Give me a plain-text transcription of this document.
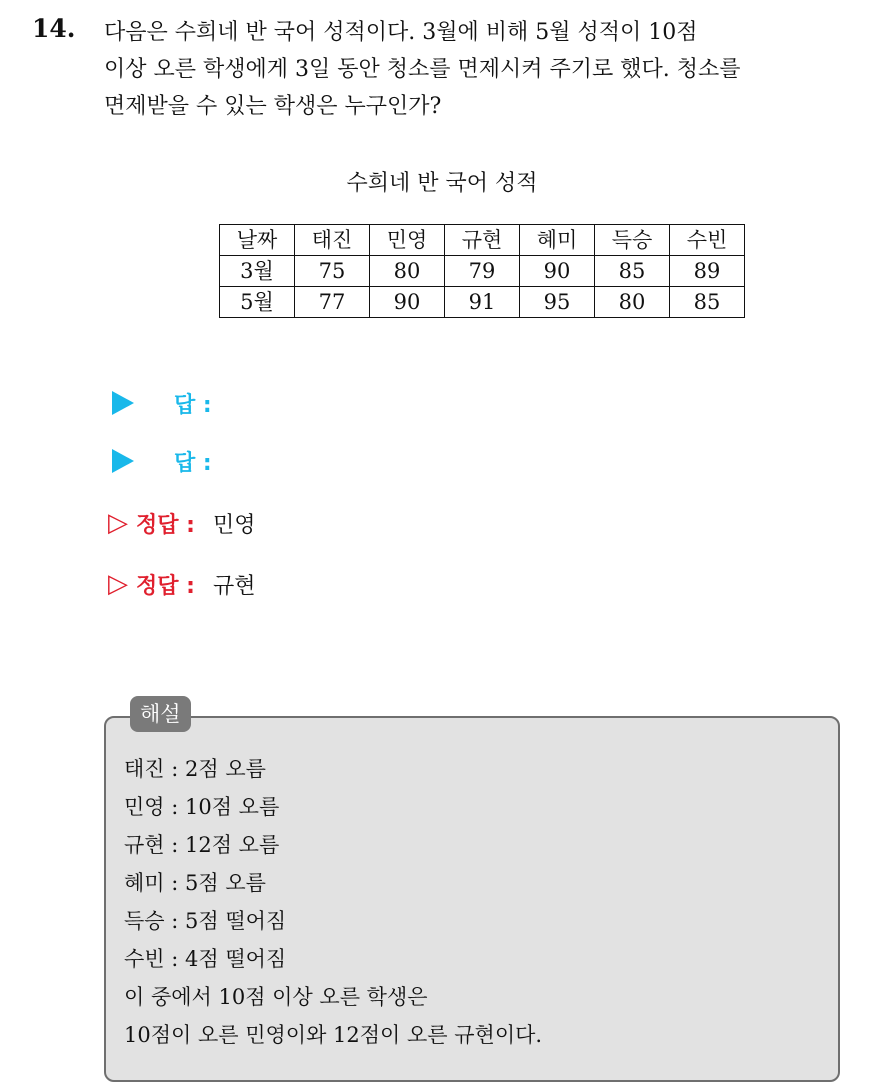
14. 다음은 수희네 반 국어 성적이다. 3월에 비해 5월 성적이 10점
이상 오른 학생에게 3일 동안 청소를 면제시켜 주기로 했다. 청소를
면제받을 수 있는 학생은 누구인가?
수희네 반 국어 성적
날짜	태진	민영	규현	혜미	득승	수빈
3월	75	80	79	90	85	89
5월	77	90	91	95	80	85
답 :
답 :
▷ 정답 : 민영
▷ 정답 : 규현
해설
태진 : 2점 오름
민영 : 10점 오름
규현 : 12점 오름
혜미 : 5점 오름
득승 : 5점 떨어짐
수빈 : 4점 떨어짐
이 중에서 10점 이상 오른 학생은
10점이 오른 민영이와 12점이 오른 규현이다.
